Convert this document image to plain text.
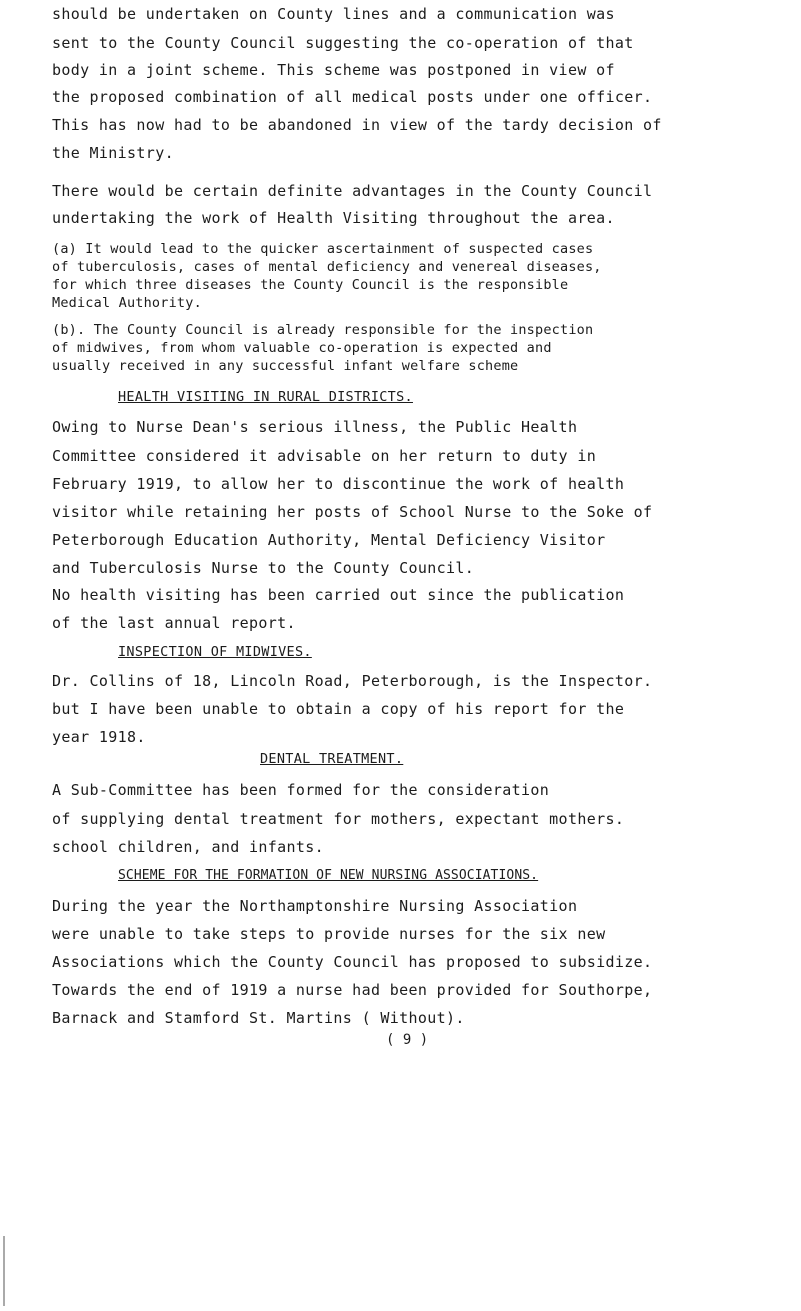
should be undertaken on County lines and a communication was

sent to the County Council suggesting the co-operation of that

body in a joint scheme. This scheme was postponed in view of

the proposed combination of all medical posts under one officer.

This has now had to be abandoned in view of the tardy decision of

the Ministry.

There would be certain definite advantages in the County Council

undertaking the work of Health Visiting throughout the area.

(a) It would lead to the quicker ascertainment of suspected cases

of tuberculosis, cases of mental deficiency and venereal diseases,

for which three diseases the County Council is the responsible

Medical Authority.

(b). The County Council is already responsible for the inspection

of midwives, from whom valuable co-operation is expected and

usually received in any successful infant welfare scheme

HEALTH VISITING IN RURAL DISTRICTS.

Owing to Nurse Dean's serious illness, the Public Health

Committee considered it advisable on her return to duty in

February 1919, to allow her to discontinue the work of health

visitor while retaining her posts of School Nurse to the Soke of

Peterborough Education Authority, Mental Deficiency Visitor

and Tuberculosis Nurse to the County Council.

No health visiting has been carried out since the publication

of the last annual report.

INSPECTION OF MIDWIVES.

Dr. Collins of 18, Lincoln Road, Peterborough, is the Inspector.

but I have been unable to obtain a copy of his report for the

year 1918.

DENTAL TREATMENT.

A Sub-Committee has been formed for the consideration

of supplying dental treatment for mothers, expectant mothers.

school children, and infants.

SCHEME FOR THE FORMATION OF NEW NURSING ASSOCIATIONS.

During the year the Northamptonshire Nursing Association

were unable to take steps to provide nurses for the six new

Associations which the County Council has proposed to subsidize.

Towards the end of 1919 a nurse had been provided for Southorpe,

Barnack and Stamford St. Martins ( Without).

( 9 )
